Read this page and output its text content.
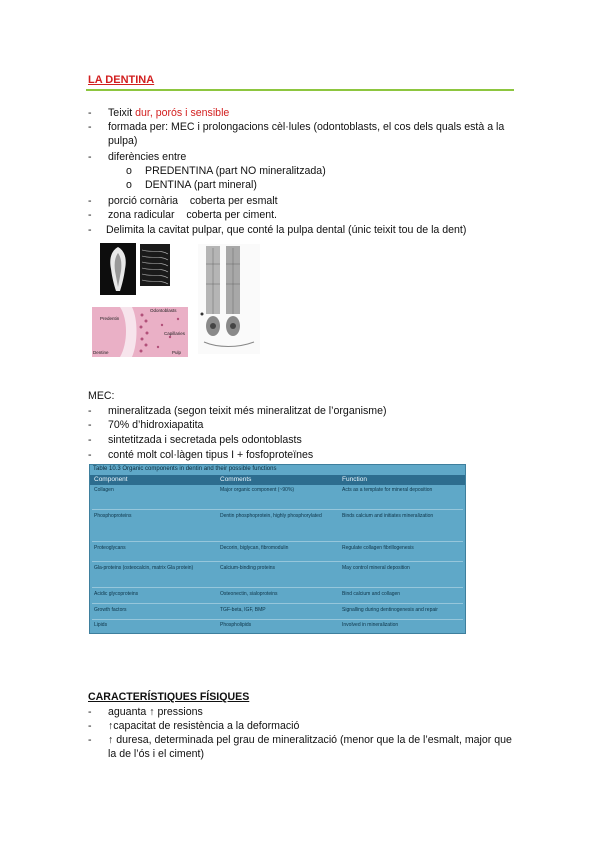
LA DENTINA
- Teixit dur, porós i sensible
- formada per: MEC i prolongacions cèl·lules (odontoblasts, el cos dels quals està a la pulpa)
- diferències entre
o PREDENTINA (part NO mineralitzada)
o DENTINA (part mineral)
- porció cornària    coberta per esmalt
- zona radicular    coberta per ciment.
- Delimita la cavitat pulpar, que conté la pulpa dental (únic teixit tou de la dent)
Odontoblasts
Predentin
Capillaries
Dentine	Pulp
MEC:
- mineralitzada (segon teixit més mineralitzat de l’organisme)
- 70% d’hidroxiapatita
- sintetitzada i secretada pels odontoblasts
- conté molt col·làgen tipus I + fosfoproteïnes
Table 10.3 Organic components in dentin and their possible functions
Component	Comments	Function
Collagen	Major organic component (~90%)	Acts as a template for mineral deposition
Phosphoproteins	Dentin phosphoprotein, highly phosphorylated	Binds calcium and initiates mineralization
Proteoglycans	Decorin, biglycan, fibromodulin	Regulate collagen fibrillogenesis
Gla-proteins (osteocalcin, matrix Gla protein)	Calcium-binding proteins	May control mineral deposition
Acidic glycoproteins	Osteonectin, sialoproteins	Bind calcium and collagen
Growth factors	TGF-beta, IGF, BMP	Signalling during dentinogenesis and repair
Lipids	Phospholipids	Involved in mineralization
CARACTERÍSTIQUES FÍSIQUES
- aguanta ↑ pressions
- ↑capacitat de resistència a la deformació
- ↑ duresa, determinada pel grau de mineralització (menor que la de l’esmalt, major que la de l’ós i el ciment)
